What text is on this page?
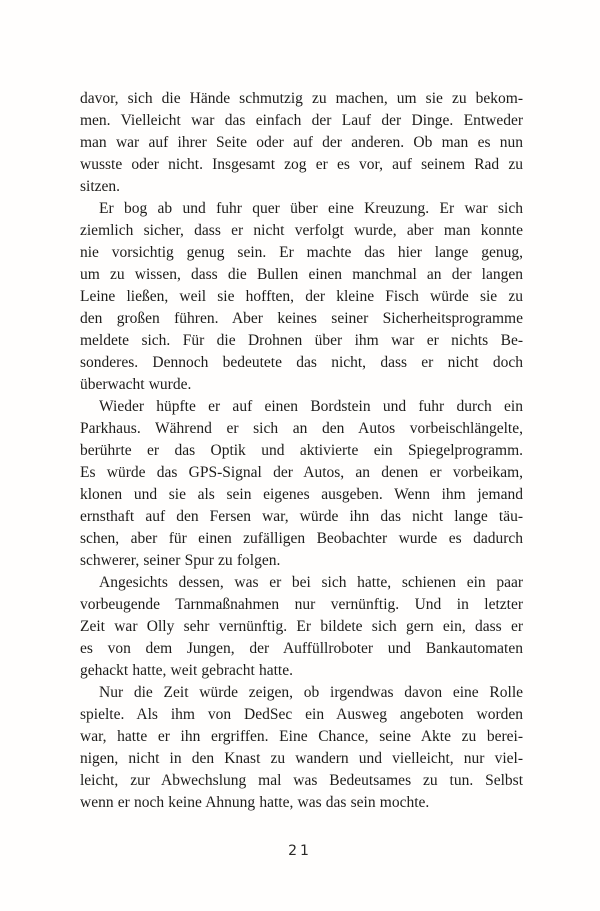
davor, sich die Hände schmutzig zu machen, um sie zu bekom-
men. Vielleicht war das einfach der Lauf der Dinge. Entweder
man war auf ihrer Seite oder auf der anderen. Ob man es nun
wusste oder nicht. Insgesamt zog er es vor, auf seinem Rad zu
sitzen.
Er bog ab und fuhr quer über eine Kreuzung. Er war sich
ziemlich sicher, dass er nicht verfolgt wurde, aber man konnte
nie vorsichtig genug sein. Er machte das hier lange genug,
um zu wissen, dass die Bullen einen manchmal an der langen
Leine ließen, weil sie hofften, der kleine Fisch würde sie zu
den großen führen. Aber keines seiner Sicherheitsprogramme
meldete sich. Für die Drohnen über ihm war er nichts Be-
sonderes. Dennoch bedeutete das nicht, dass er nicht doch
überwacht wurde.
Wieder hüpfte er auf einen Bordstein und fuhr durch ein
Parkhaus. Während er sich an den Autos vorbeischlängelte,
berührte er das Optik und aktivierte ein Spiegelprogramm.
Es würde das GPS-Signal der Autos, an denen er vorbeikam,
klonen und sie als sein eigenes ausgeben. Wenn ihm jemand
ernsthaft auf den Fersen war, würde ihn das nicht lange täu-
schen, aber für einen zufälligen Beobachter wurde es dadurch
schwerer, seiner Spur zu folgen.
Angesichts dessen, was er bei sich hatte, schienen ein paar
vorbeugende Tarnmaßnahmen nur vernünftig. Und in letzter
Zeit war Olly sehr vernünftig. Er bildete sich gern ein, dass er
es von dem Jungen, der Auffüllroboter und Bankautomaten
gehackt hatte, weit gebracht hatte.
Nur die Zeit würde zeigen, ob irgendwas davon eine Rolle
spielte. Als ihm von DedSec ein Ausweg angeboten worden
war, hatte er ihn ergriffen. Eine Chance, seine Akte zu berei-
nigen, nicht in den Knast zu wandern und vielleicht, nur viel-
leicht, zur Abwechslung mal was Bedeutsames zu tun. Selbst
wenn er noch keine Ahnung hatte, was das sein mochte.
21
